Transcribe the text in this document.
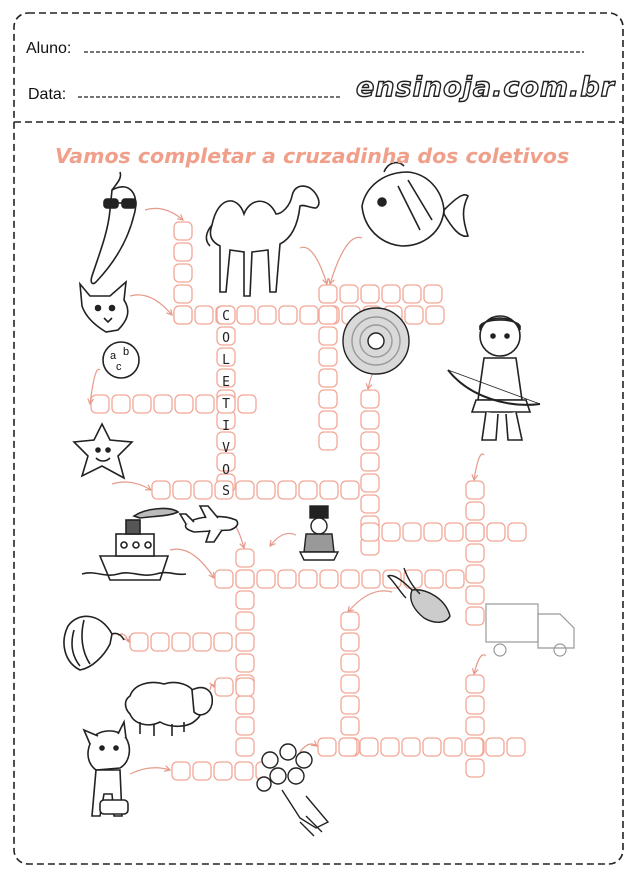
Aluno:
Data:	ensinoja.com.br
Vamos completar a cruzadinha dos coletivos
a b
c
C
O
L
E
T
I
V
O
S
